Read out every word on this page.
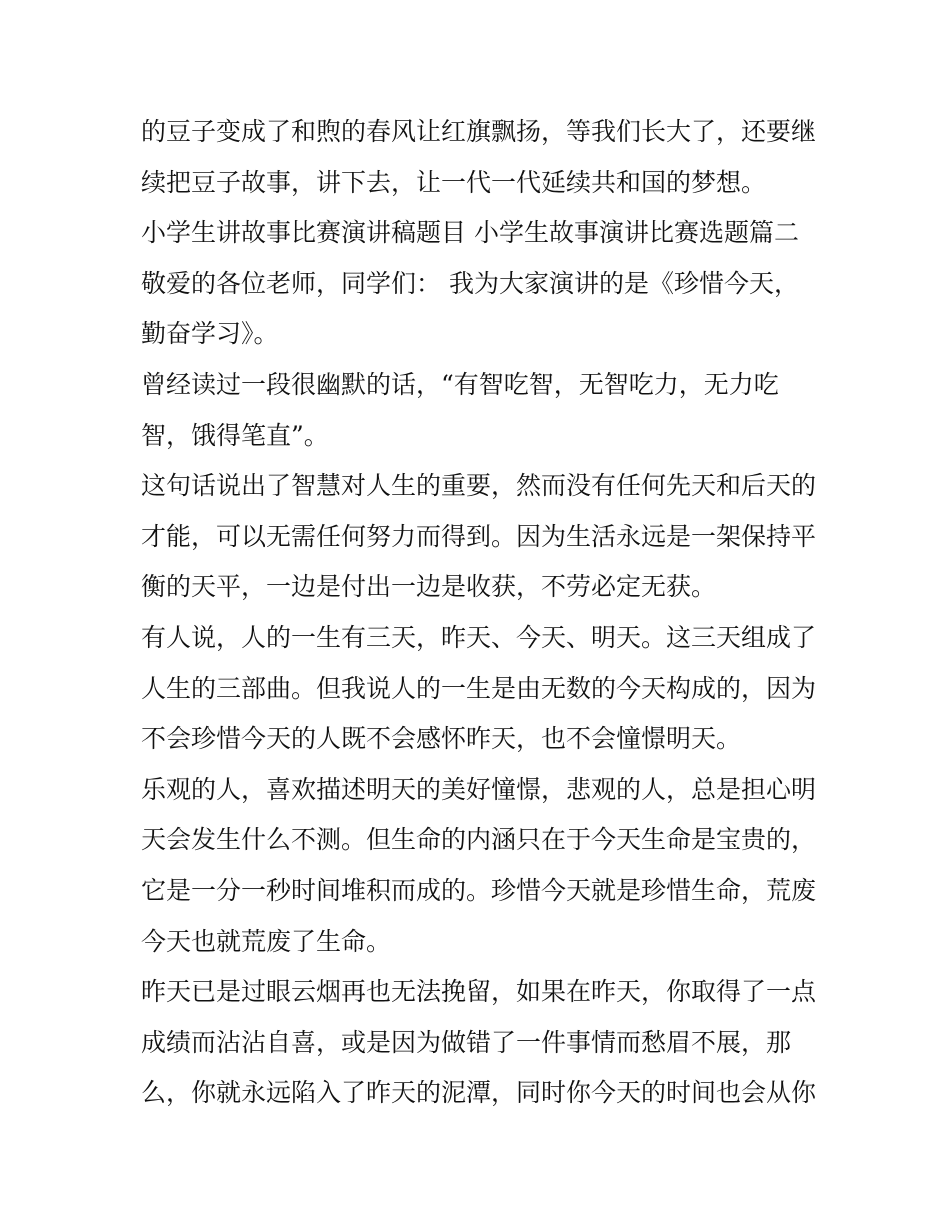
的豆子变成了和煦的春风让红旗飘扬，等我们长大了，还要继
续把豆子故事，讲下去，让一代一代延续共和国的梦想。
小学生讲故事比赛演讲稿题目 小学生故事演讲比赛选题篇二
敬爱的各位老师，同学们： 我为大家演讲的是《珍惜今天，
勤奋学习》。
曾经读过一段很幽默的话，“有智吃智，无智吃力，无力吃
智，饿得笔直”。
这句话说出了智慧对人生的重要，然而没有任何先天和后天的
才能，可以无需任何努力而得到。因为生活永远是一架保持平
衡的天平，一边是付出一边是收获，不劳必定无获。
有人说，人的一生有三天，昨天、今天、明天。这三天组成了
人生的三部曲。但我说人的一生是由无数的今天构成的，因为
不会珍惜今天的人既不会感怀昨天，也不会憧憬明天。
乐观的人，喜欢描述明天的美好憧憬，悲观的人，总是担心明
天会发生什么不测。但生命的内涵只在于今天生命是宝贵的，
它是一分一秒时间堆积而成的。珍惜今天就是珍惜生命，荒废
今天也就荒废了生命。
昨天已是过眼云烟再也无法挽留，如果在昨天，你取得了一点
成绩而沾沾自喜，或是因为做错了一件事情而愁眉不展，那
么，你就永远陷入了昨天的泥潭，同时你今天的时间也会从你
